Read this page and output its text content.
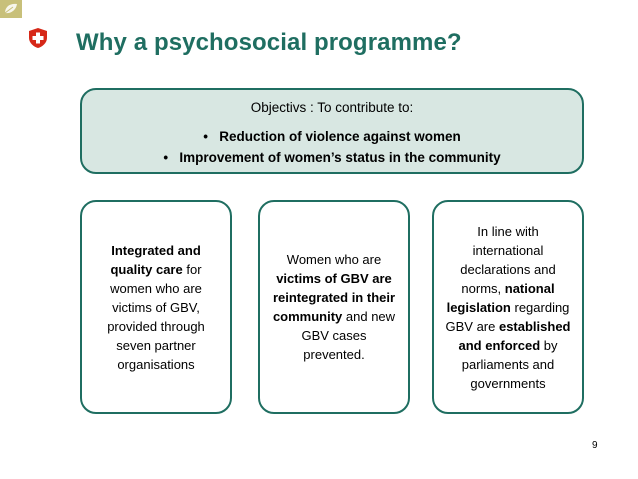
Why a psychosocial programme?
Objectivs : To contribute to:
•   Reduction of violence against women
•   Improvement of women’s status in the community
Integrated and quality care for women who are victims of GBV, provided through seven partner organisations
Women who are victims of GBV are reintegrated in their community and new GBV cases prevented.
In line with international declarations and norms, national legislation regarding GBV are established and enforced by parliaments and governments
9
